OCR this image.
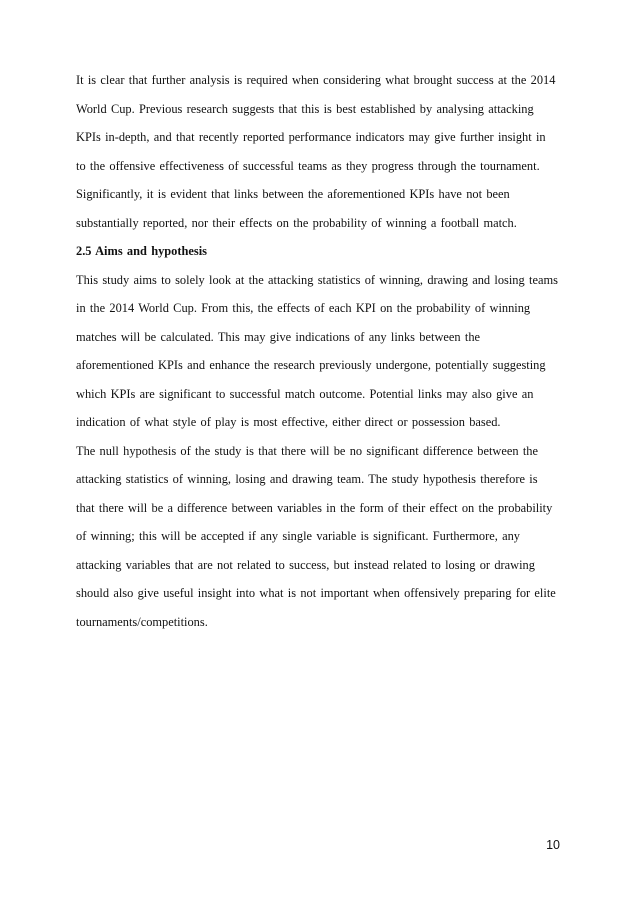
It is clear that further analysis is required when considering what brought success at the 2014
World Cup. Previous research suggests that this is best established by analysing attacking
KPIs in-depth, and that recently reported performance indicators may give further insight in
to the offensive effectiveness of successful teams as they progress through the tournament.
Significantly, it is evident that links between the aforementioned KPIs have not been
substantially reported, nor their effects on the probability of winning a football match.
2.5 Aims and hypothesis
This study aims to solely look at the attacking statistics of winning, drawing and losing teams
in the 2014 World Cup. From this, the effects of each KPI on the probability of winning
matches will be calculated. This may give indications of any links between the
aforementioned KPIs and enhance the research previously undergone, potentially suggesting
which KPIs are significant to successful match outcome. Potential links may also give an
indication of what style of play is most effective, either direct or possession based.
The null hypothesis of the study is that there will be no significant difference between the
attacking statistics of winning, losing and drawing team. The study hypothesis therefore is
that there will be a difference between variables in the form of their effect on the probability
of winning; this will be accepted if any single variable is significant. Furthermore, any
attacking variables that are not related to success, but instead related to losing or drawing
should also give useful insight into what is not important when offensively preparing for elite
tournaments/competitions.
10
